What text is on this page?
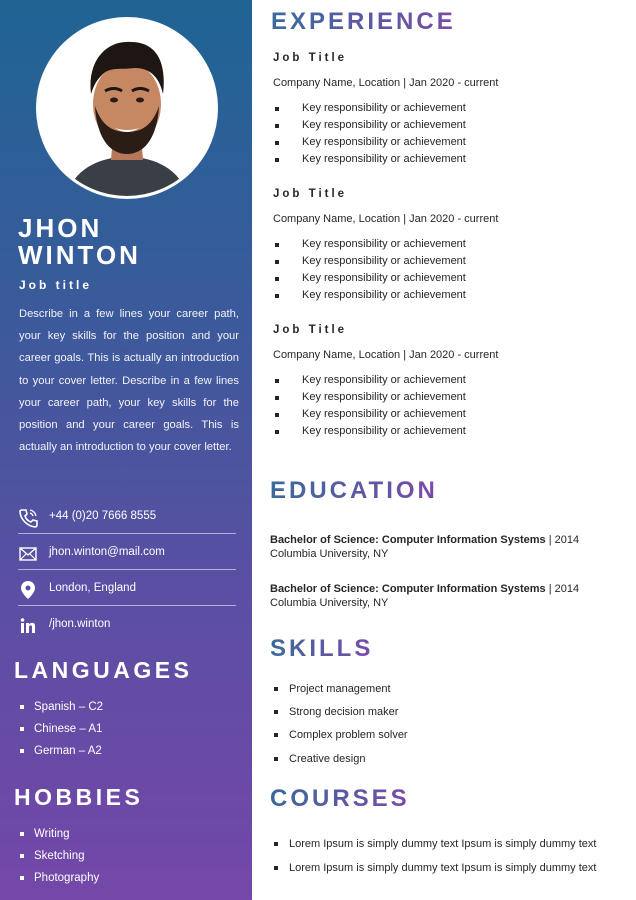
JHON
WINTON
Job title
Describe in a few lines your career path, your key skills for the position and your career goals. This is actually an introduction to your cover letter. Describe in a few lines your career path, your key skills for the position and your career goals. This is actually an introduction to your cover letter.
+44 (0)20 7666 8555
jhon.winton@mail.com
London, England
/jhon.winton
LANGUAGES
Spanish – C2
Chinese – A1
German – A2
HOBBIES
Writing
Sketching
Photography
EXPERIENCE
Job Title
Company Name, Location | Jan 2020 - current
Key responsibility or achievement
Key responsibility or achievement
Key responsibility or achievement
Key responsibility or achievement
Job Title
Company Name, Location | Jan 2020 - current
Key responsibility or achievement
Key responsibility or achievement
Key responsibility or achievement
Key responsibility or achievement
Job Title
Company Name, Location | Jan 2020 - current
Key responsibility or achievement
Key responsibility or achievement
Key responsibility or achievement
Key responsibility or achievement
EDUCATION
Bachelor of Science: Computer Information Systems | 2014
Columbia University, NY
Bachelor of Science: Computer Information Systems | 2014
Columbia University, NY
SKILLS
Project management
Strong decision maker
Complex problem solver
Creative design
COURSES
Lorem Ipsum is simply dummy text Ipsum is simply dummy text
Lorem Ipsum is simply dummy text Ipsum is simply dummy text
